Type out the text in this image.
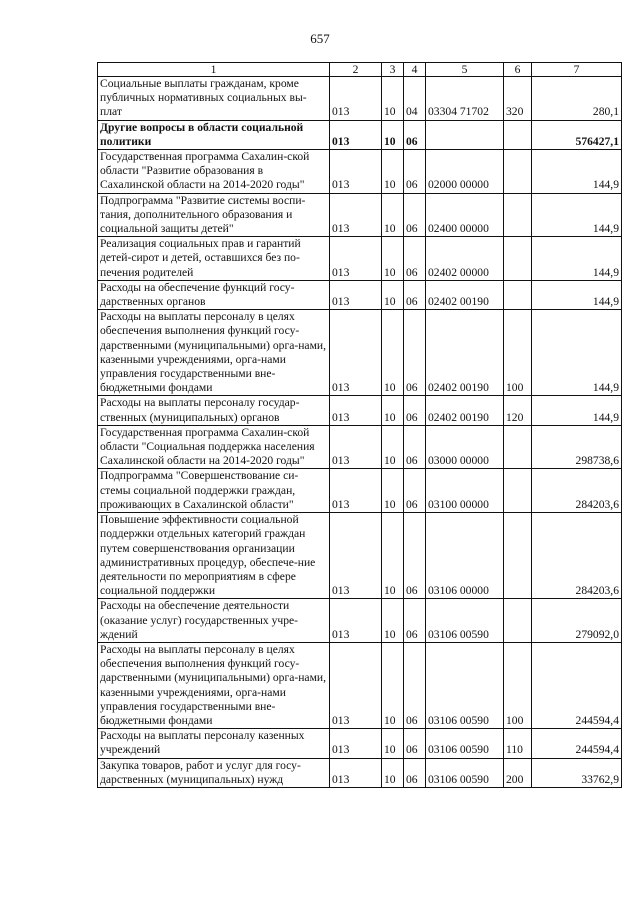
657
1	2	3	4	5	6	7
Социальные выплаты гражданам, кроме публичных нормативных социальных вы-плат	013	10	04	03304 71702	320	280,1
Другие вопросы в области социальной политики	013	10	06			576427,1
Государственная программа Сахалин-ской области "Развитие образования в Сахалинской области на 2014-2020 годы"	013	10	06	02000 00000		144,9
Подпрограмма "Развитие системы воспи-тания, дополнительного образования и социальной защиты детей"	013	10	06	02400 00000		144,9
Реализация социальных прав и гарантий детей-сирот и детей, оставшихся без по-печения родителей	013	10	06	02402 00000		144,9
Расходы на обеспечение функций госу-дарственных органов	013	10	06	02402 00190		144,9
Расходы на выплаты персоналу в целях обеспечения выполнения функций госу-дарственными (муниципальными) орга-нами, казенными учреждениями, орга-нами управления государственными вне-бюджетными фондами	013	10	06	02402 00190	100	144,9
Расходы на выплаты персоналу государ-ственных (муниципальных) органов	013	10	06	02402 00190	120	144,9
Государственная программа Сахалин-ской области "Социальная поддержка населения Сахалинской области на 2014-2020 годы"	013	10	06	03000 00000		298738,6
Подпрограмма "Совершенствование си-стемы социальной поддержки граждан, проживающих в Сахалинской области"	013	10	06	03100 00000		284203,6
Повышение эффективности социальной поддержки отдельных категорий граждан путем совершенствования организации административных процедур, обеспече-ние деятельности по мероприятиям в сфере социальной поддержки	013	10	06	03106 00000		284203,6
Расходы на обеспечение деятельности (оказание услуг) государственных учре-ждений	013	10	06	03106 00590		279092,0
Расходы на выплаты персоналу в целях обеспечения выполнения функций госу-дарственными (муниципальными) орга-нами, казенными учреждениями, орга-нами управления государственными вне-бюджетными фондами	013	10	06	03106 00590	100	244594,4
Расходы на выплаты персоналу казенных учреждений	013	10	06	03106 00590	110	244594,4
Закупка товаров, работ и услуг для госу-дарственных (муниципальных) нужд	013	10	06	03106 00590	200	33762,9
